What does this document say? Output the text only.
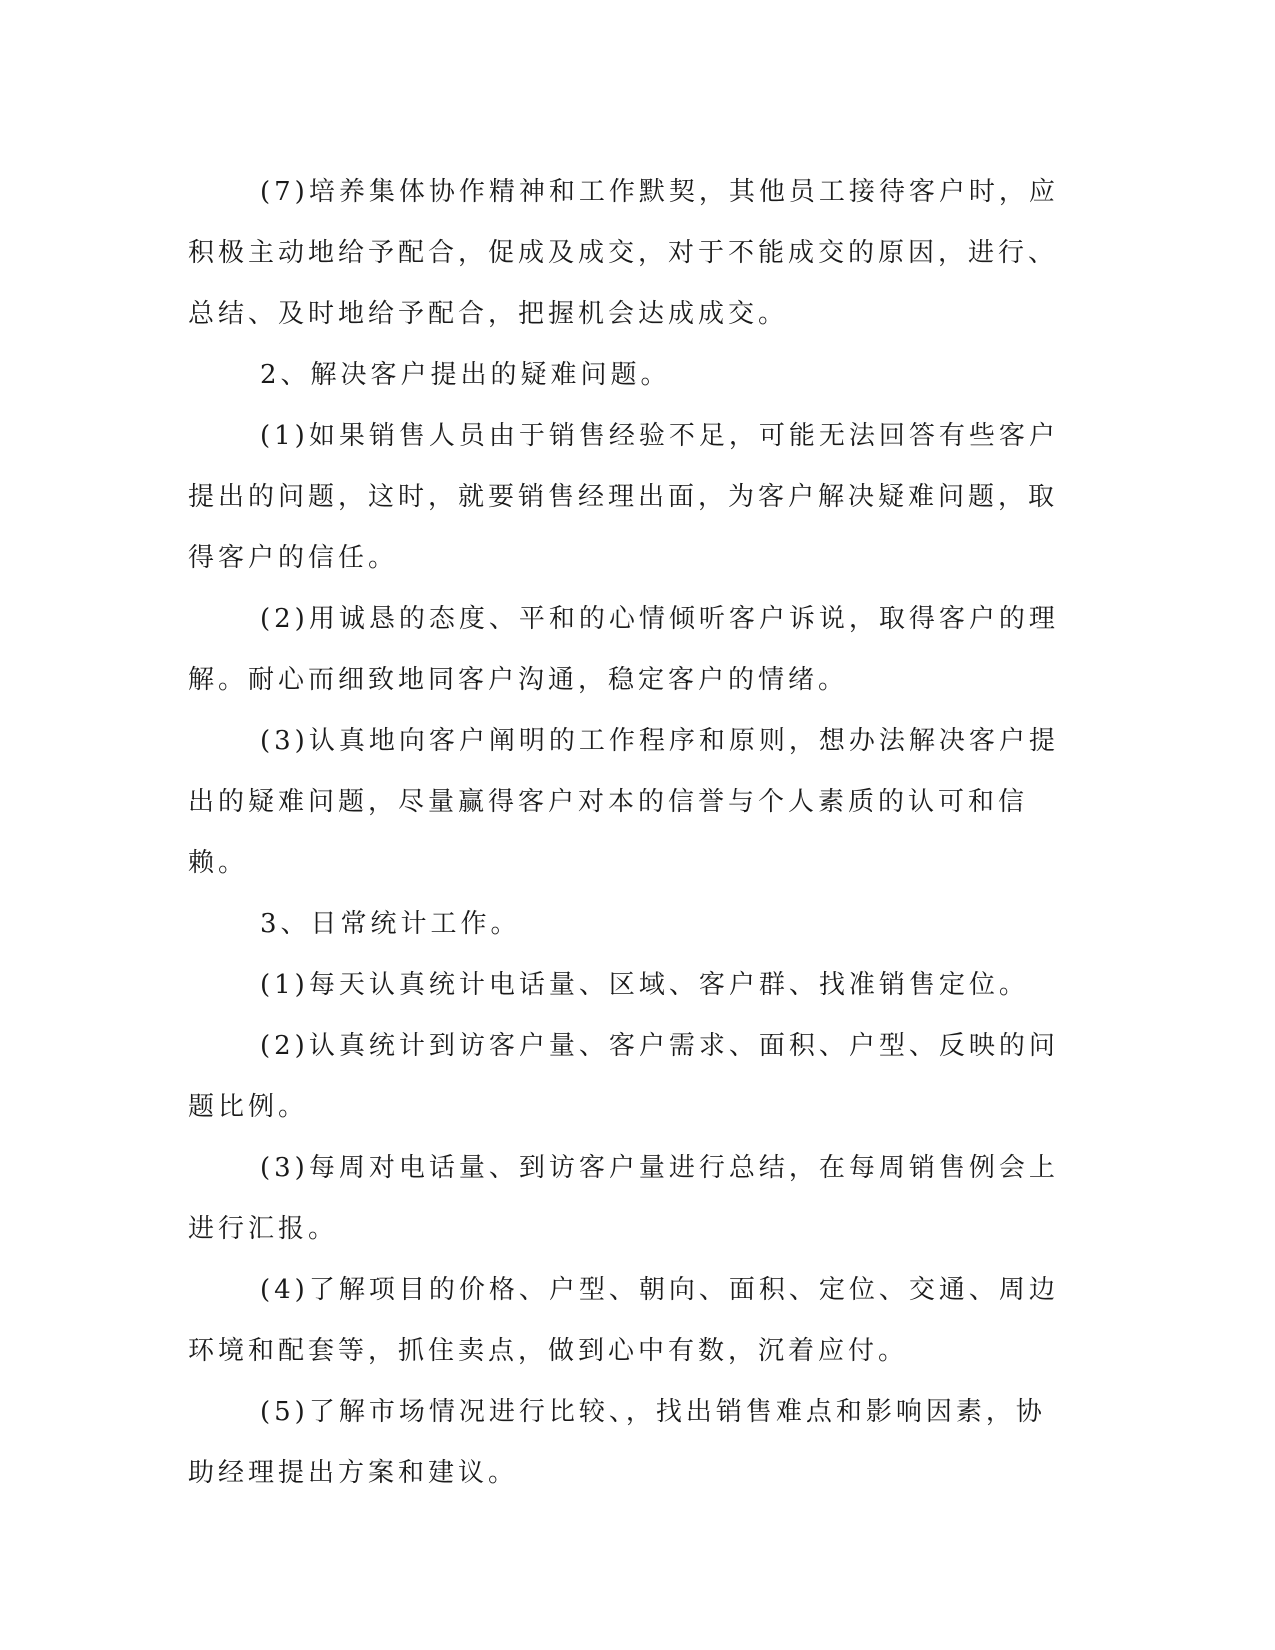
(7)培养集体协作精神和工作默契，其他员工接待客户时，应积极主动地给予配合，促成及成交，对于不能成交的原因，进行、总结、及时地给予配合，把握机会达成成交。

2、解决客户提出的疑难问题。

(1)如果销售人员由于销售经验不足，可能无法回答有些客户提出的问题，这时，就要销售经理出面，为客户解决疑难问题，取得客户的信任。

(2)用诚恳的态度、平和的心情倾听客户诉说，取得客户的理解。耐心而细致地同客户沟通，稳定客户的情绪。

(3)认真地向客户阐明的工作程序和原则，想办法解决客户提出的疑难问题，尽量赢得客户对本的信誉与个人素质的认可和信赖。

3、日常统计工作。

(1)每天认真统计电话量、区域、客户群、找准销售定位。

(2)认真统计到访客户量、客户需求、面积、户型、反映的问题比例。

(3)每周对电话量、到访客户量进行总结，在每周销售例会上进行汇报。

(4)了解项目的价格、户型、朝向、面积、定位、交通、周边环境和配套等，抓住卖点，做到心中有数，沉着应付。

(5)了解市场情况进行比较、，找出销售难点和影响因素，协助经理提出方案和建议。
